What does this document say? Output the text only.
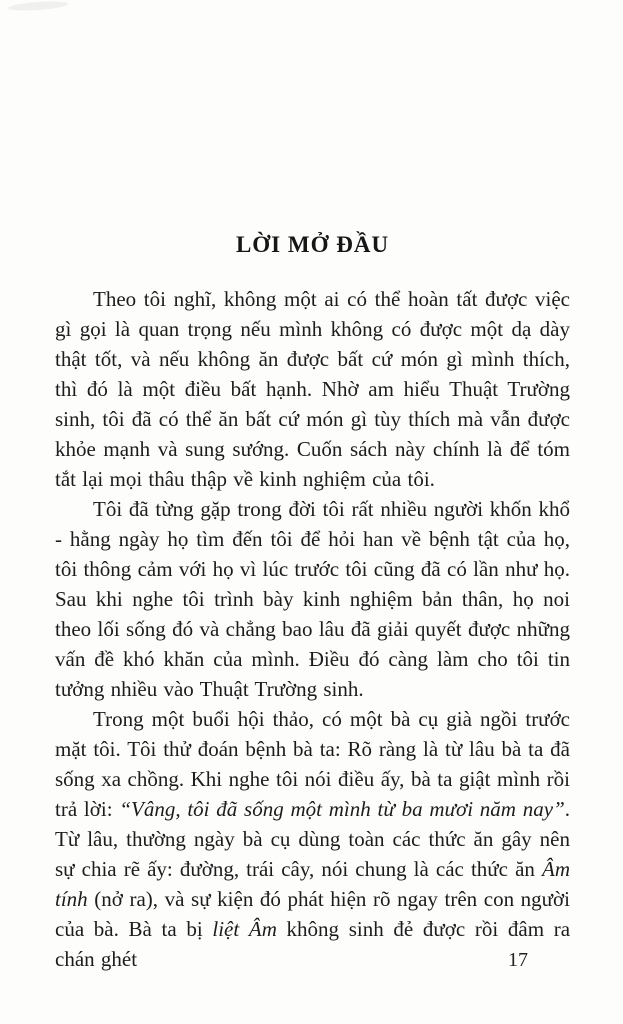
LỜI MỞ ĐẦU

Theo tôi nghĩ, không một ai có thể hoàn tất được việc gì gọi là quan trọng nếu mình không có được một dạ dày thật tốt, và nếu không ăn được bất cứ món gì mình thích, thì đó là một điều bất hạnh. Nhờ am hiểu Thuật Trường sinh, tôi đã có thể ăn bất cứ món gì tùy thích mà vẫn được khỏe mạnh và sung sướng. Cuốn sách này chính là để tóm tắt lại mọi thâu thập về kinh nghiệm của tôi.

Tôi đã từng gặp trong đời tôi rất nhiều người khốn khổ - hằng ngày họ tìm đến tôi để hỏi han về bệnh tật của họ, tôi thông cảm với họ vì lúc trước tôi cũng đã có lần như họ. Sau khi nghe tôi trình bày kinh nghiệm bản thân, họ noi theo lối sống đó và chẳng bao lâu đã giải quyết được những vấn đề khó khăn của mình. Điều đó càng làm cho tôi tin tưởng nhiều vào Thuật Trường sinh.

Trong một buổi hội thảo, có một bà cụ già ngồi trước mặt tôi. Tôi thử đoán bệnh bà ta: Rõ ràng là từ lâu bà ta đã sống xa chồng. Khi nghe tôi nói điều ấy, bà ta giật mình rồi trả lời: “Vâng, tôi đã sống một mình từ ba mươi năm nay”. Từ lâu, thường ngày bà cụ dùng toàn các thức ăn gây nên sự chia rẽ ấy: đường, trái cây, nói chung là các thức ăn Âm tính (nở ra), và sự kiện đó phát hiện rõ ngay trên con người của bà. Bà ta bị liệt Âm không sinh đẻ được rồi đâm ra chán ghét	17
